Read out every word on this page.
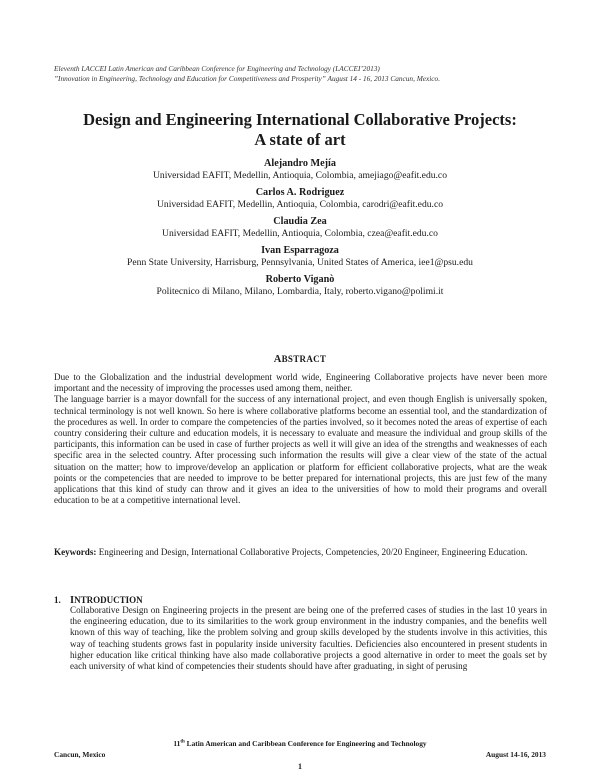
Eleventh LACCEI Latin American and Caribbean Conference for Engineering and Technology (LACCEI’2013)
”Innovation in Engineering, Technology and Education for Competitiveness and Prosperity” August 14 - 16, 2013 Cancun, Mexico.
Design and Engineering International Collaborative Projects:
A state of art
Alejandro Mejía
Universidad EAFIT, Medellin, Antioquia, Colombia, amejiago@eafit.edu.co
Carlos A. Rodriguez
Universidad EAFIT, Medellin, Antioquia, Colombia, carodri@eafit.edu.co
Claudia Zea
Universidad EAFIT, Medellin, Antioquia, Colombia, czea@eafit.edu.co
Ivan Esparragoza
Penn State University, Harrisburg, Pennsylvania, United States of America, iee1@psu.edu
Roberto Viganò
Politecnico di Milano, Milano, Lombardia, Italy, roberto.vigano@polimi.it
ABSTRACT

Due to the Globalization and the industrial development world wide, Engineering Collaborative projects have never been more important and the necessity of improving the processes used among them, neither.

The language barrier is a mayor downfall for the success of any international project, and even though English is universally spoken, technical terminology is not well known. So here is where collaborative platforms become an essential tool, and the standardization of the procedures as well. In order to compare the competencies of the parties involved, so it becomes noted the areas of expertise of each country considering their culture and education models, it is necessary to evaluate and measure the individual and group skills of the participants, this information can be used in case of further projects as well it will give an idea of the strengths and weaknesses of each specific area in the selected country. After processing such information the results will give a clear view of the state of the actual situation on the matter; how to improve/develop an application or platform for efficient collaborative projects, what are the weak points or the competencies that are needed to improve to be better prepared for international projects, this are just few of the many applications that this kind of study can throw and it gives an idea to the universities of how to mold their programs and overall education to be at a competitive international level.

Keywords: Engineering and Design, International Collaborative Projects, Competencies, 20/20 Engineer, Engineering Education.
1. INTRODUCTION
Collaborative Design on Engineering projects in the present are being one of the preferred cases of studies in the last 10 years in the engineering education, due to its similarities to the work group environment in the industry companies, and the benefits well known of this way of teaching, like the problem solving and group skills developed by the students involve in this activities, this way of teaching students grows fast in popularity inside university faculties. Deficiencies also encountered in present students in higher education like critical thinking have also made collaborative projects a good alternative in order to meet the goals set by each university of what kind of competencies their students should have after graduating, in sight of perusing
11th Latin American and Caribbean Conference for Engineering and Technology
Cancun, Mexico	August 14-16, 2013
1
